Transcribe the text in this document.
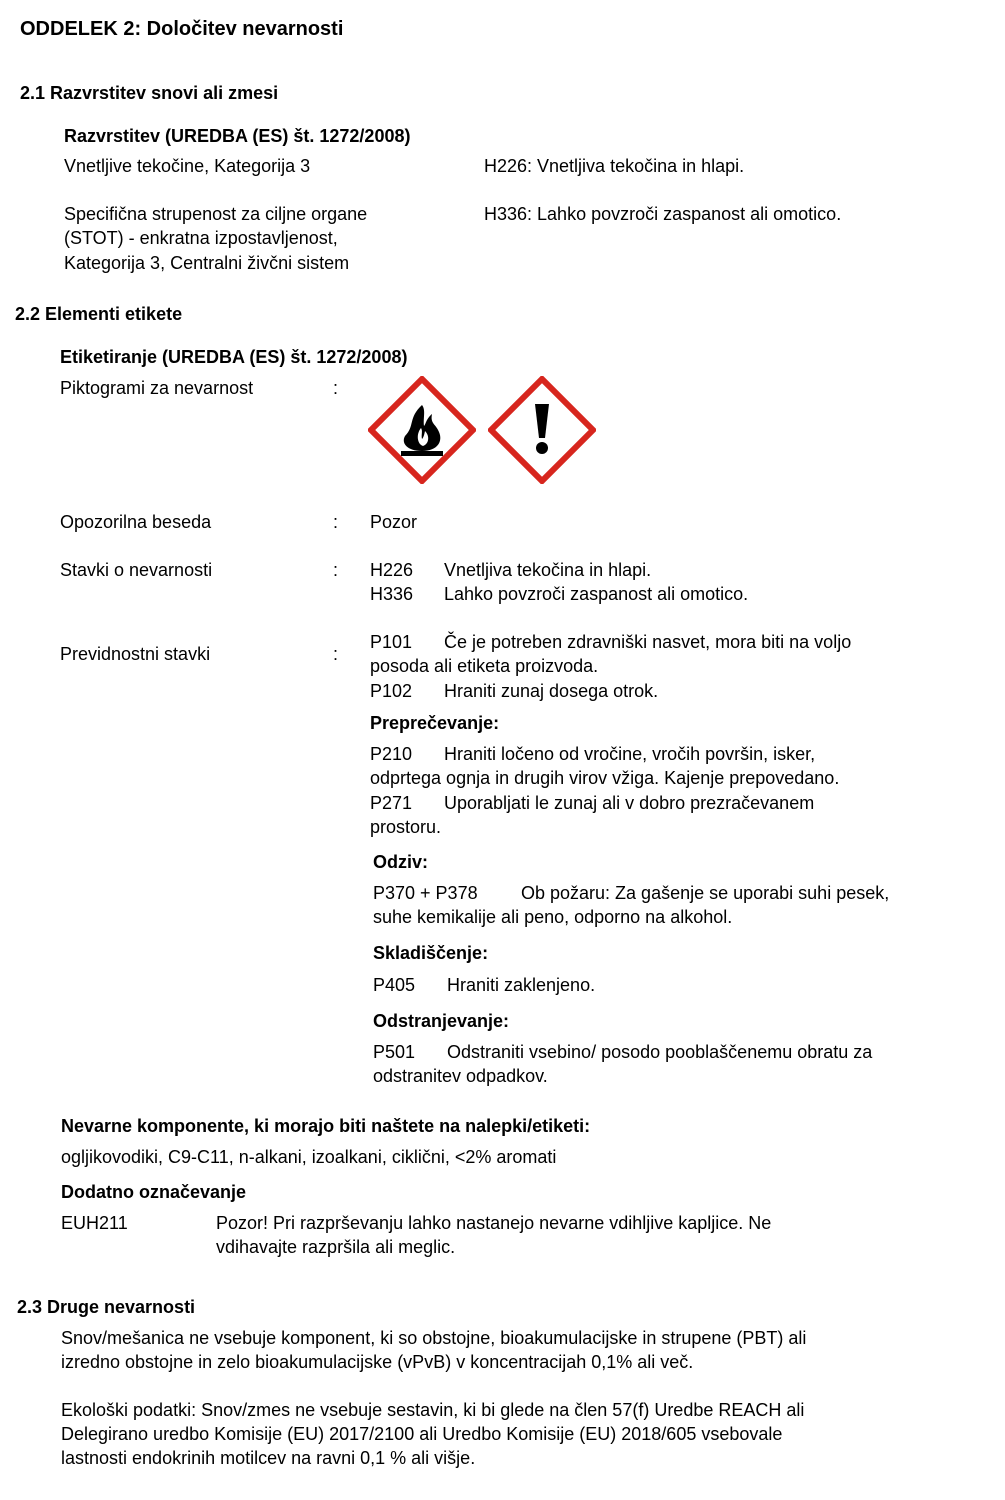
ODDELEK 2: Določitev nevarnosti
2.1 Razvrstitev snovi ali zmesi
Razvrstitev (UREDBA (ES) št. 1272/2008)
Vnetljive tekočine, Kategorija 3	H226: Vnetljiva tekočina in hlapi.
Specifična strupenost za ciljne organe
(STOT) - enkratna izpostavljenost,
Kategorija 3, Centralni živčni sistem
H336: Lahko povzroči zaspanost ali omotico.
2.2 Elementi etikete
Etiketiranje (UREDBA (ES) št. 1272/2008)
Piktogrami za nevarnost	:
Opozorilna beseda	: Pozor
Stavki o nevarnosti	: H226 Vnetljiva tekočina in hlapi.
H336 Lahko povzroči zaspanost ali omotico.
Previdnostni stavki	:
P101 Če je potreben zdravniški nasvet, mora biti na voljo
posoda ali etiketa proizvoda.
P102 Hraniti zunaj dosega otrok.
Preprečevanje:
P210 Hraniti ločeno od vročine, vročih površin, isker,
odprtega ognja in drugih virov vžiga. Kajenje prepovedano.
P271 Uporabljati le zunaj ali v dobro prezračevanem
prostoru.
Odziv:
P370 + P378 Ob požaru: Za gašenje se uporabi suhi pesek,
suhe kemikalije ali peno, odporno na alkohol.
Skladiščenje:
P405 Hraniti zaklenjeno.
Odstranjevanje:
P501 Odstraniti vsebino/ posodo pooblaščenemu obratu za
odstranitev odpadkov.
Nevarne komponente, ki morajo biti naštete na nalepki/etiketi:
ogljikovodiki, C9-C11, n-alkani, izoalkani, ciklični, <2% aromati
Dodatno označevanje
EUH211	Pozor! Pri razprševanju lahko nastanejo nevarne vdihljive kapljice. Ne
vdihavajte razpršila ali meglic.
2.3 Druge nevarnosti
Snov/mešanica ne vsebuje komponent, ki so obstojne, bioakumulacijske in strupene (PBT) ali
izredno obstojne in zelo bioakumulacijske (vPvB) v koncentracijah 0,1% ali več.
Ekološki podatki: Snov/zmes ne vsebuje sestavin, ki bi glede na člen 57(f) Uredbe REACH ali
Delegirano uredbo Komisije (EU) 2017/2100 ali Uredbo Komisije (EU) 2018/605 vsebovale
lastnosti endokrinih motilcev na ravni 0,1 % ali višje.
